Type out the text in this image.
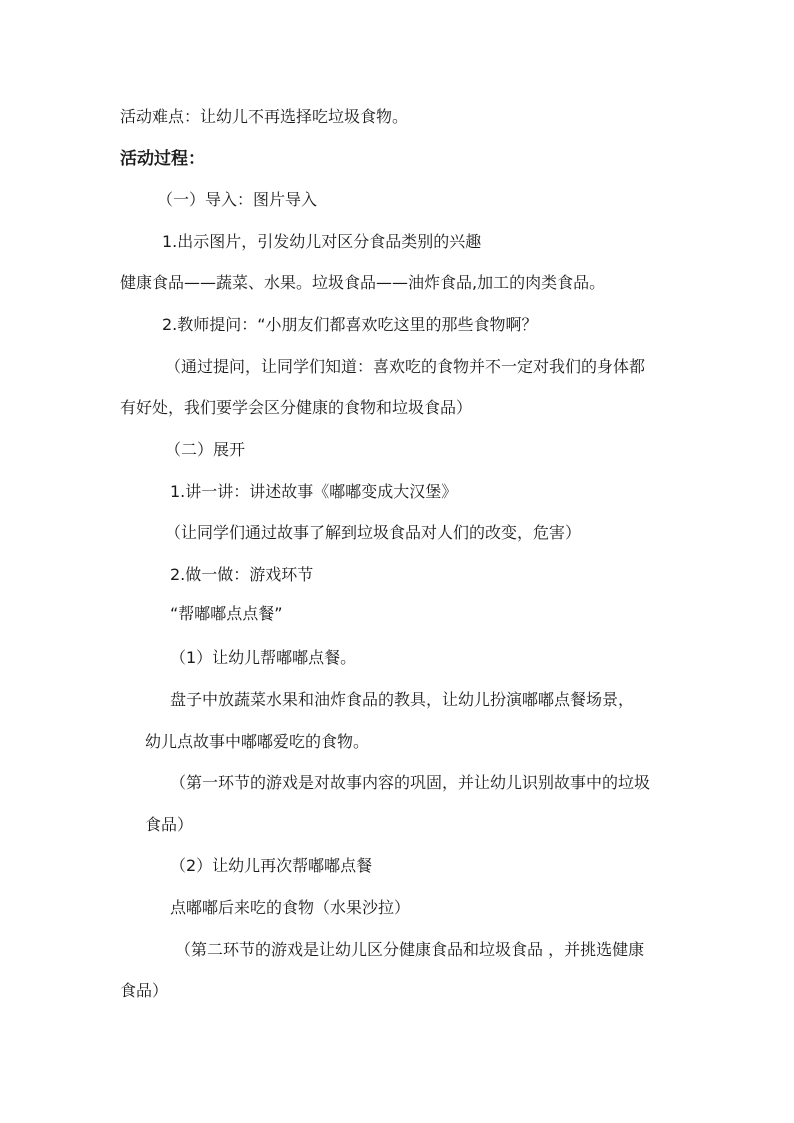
活动难点：让幼儿不再选择吃垃圾食物。
活动过程：
（一）导入：图片导入
1.出示图片，引发幼儿对区分食品类别的兴趣
健康食品——蔬菜、水果。垃圾食品——油炸食品,加工的肉类食品。
2.教师提问：“小朋友们都喜欢吃这里的那些食物啊？
（通过提问，让同学们知道：喜欢吃的食物并不一定对我们的身体都
有好处，我们要学会区分健康的食物和垃圾食品）
（二）展开
1.讲一讲：讲述故事《嘟嘟变成大汉堡》
（让同学们通过故事了解到垃圾食品对人们的改变，危害）
2.做一做：游戏环节
“帮嘟嘟点点餐”
（1）让幼儿帮嘟嘟点餐。
盘子中放蔬菜水果和油炸食品的教具，让幼儿扮演嘟嘟点餐场景，
幼儿点故事中嘟嘟爱吃的食物。
（第一环节的游戏是对故事内容的巩固，并让幼儿识别故事中的垃圾
食品）
（2）让幼儿再次帮嘟嘟点餐
点嘟嘟后来吃的食物（水果沙拉）
（第二环节的游戏是让幼儿区分健康食品和垃圾食品 ，并挑选健康
食品）
